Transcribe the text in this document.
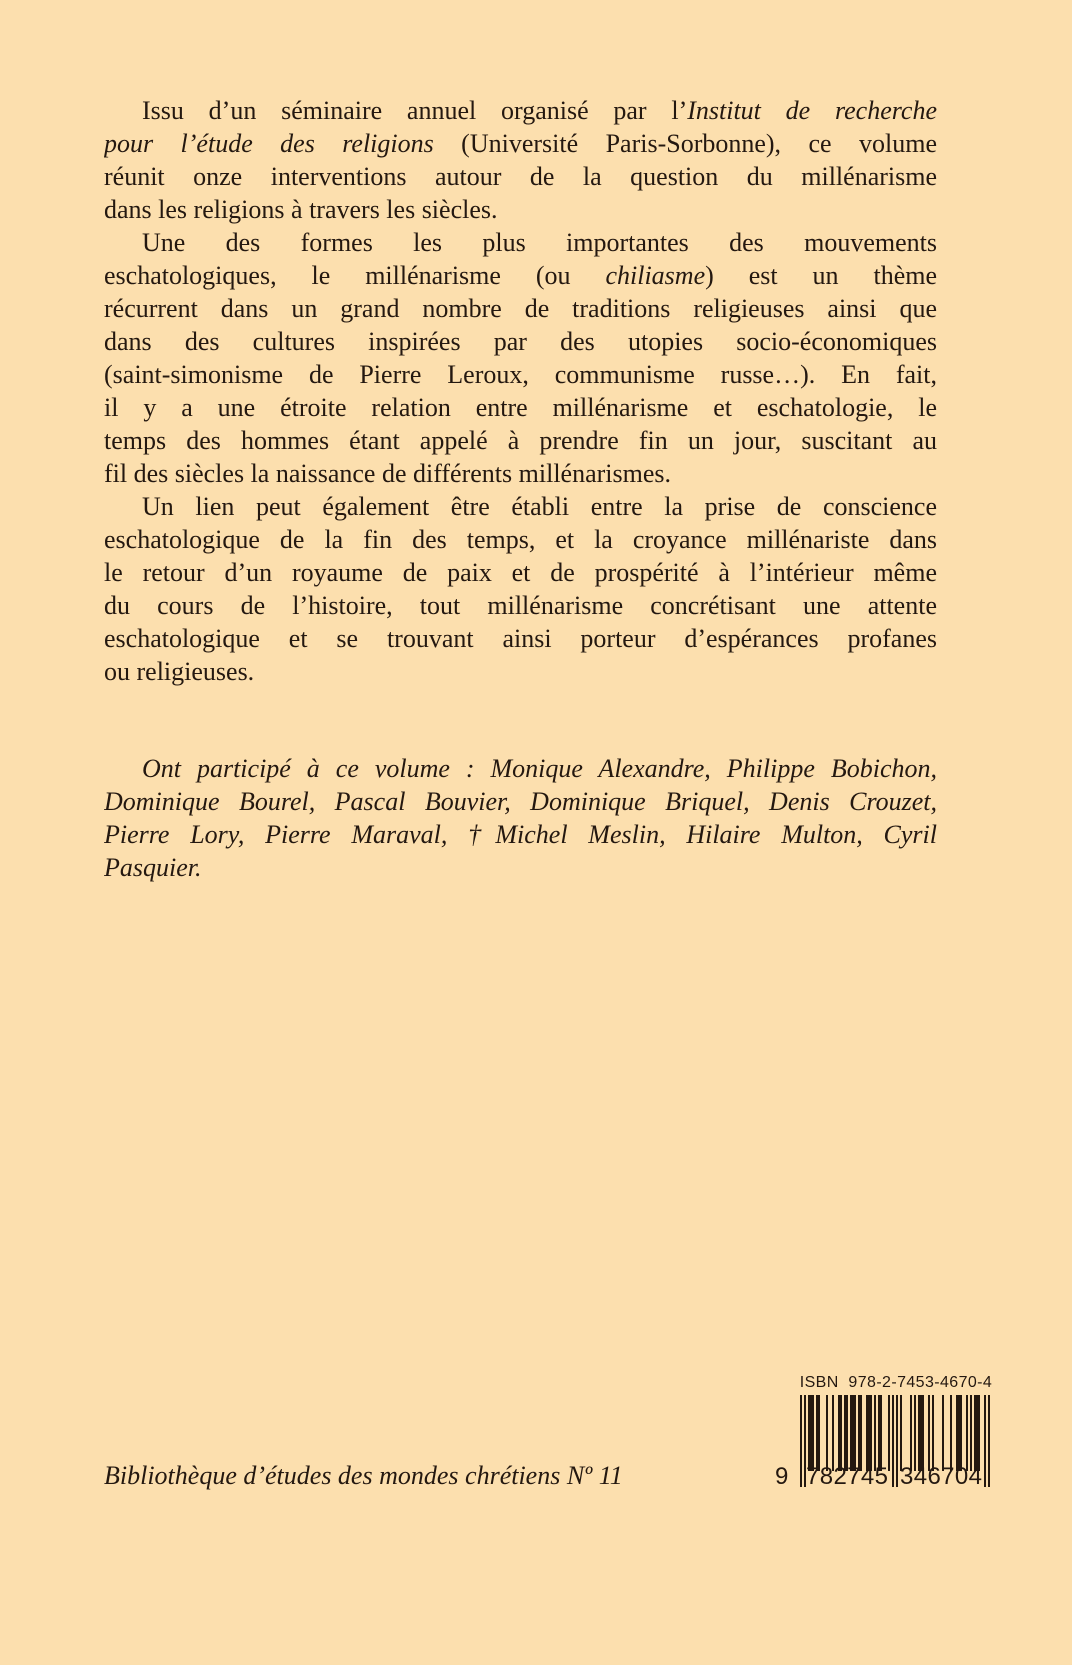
Issu d’un séminaire annuel organisé par l’Institut de recherche
pour l’étude des religions (Université Paris-Sorbonne), ce volume
réunit onze interventions autour de la question du millénarisme
dans les religions à travers les siècles.
Une des formes les plus importantes des mouvements
eschatologiques, le millénarisme (ou chiliasme) est un thème
récurrent dans un grand nombre de traditions religieuses ainsi que
dans des cultures inspirées par des utopies socio-économiques
(saint-simonisme de Pierre Leroux, communisme russe…). En fait,
il y a une étroite relation entre millénarisme et eschatologie, le
temps des hommes étant appelé à prendre fin un jour, suscitant au
fil des siècles la naissance de différents millénarismes.
Un lien peut également être établi entre la prise de conscience
eschatologique de la fin des temps, et la croyance millénariste dans
le retour d’un royaume de paix et de prospérité à l’intérieur même
du cours de l’histoire, tout millénarisme concrétisant une attente
eschatologique et se trouvant ainsi porteur d’espérances profanes
ou religieuses.
Ont participé à ce volume : Monique Alexandre, Philippe Bobichon,
Dominique Bourel, Pascal Bouvier, Dominique Briquel, Denis Crouzet,
Pierre Lory, Pierre Maraval, †Michel Meslin, Hilaire Multon, Cyril
Pasquier.
Bibliothèque d’études des mondes chrétiens Nº 11
ISBN 978-2-7453-4670-4
9 7 8 2 7 4 5 3 4 6 7 0 4
